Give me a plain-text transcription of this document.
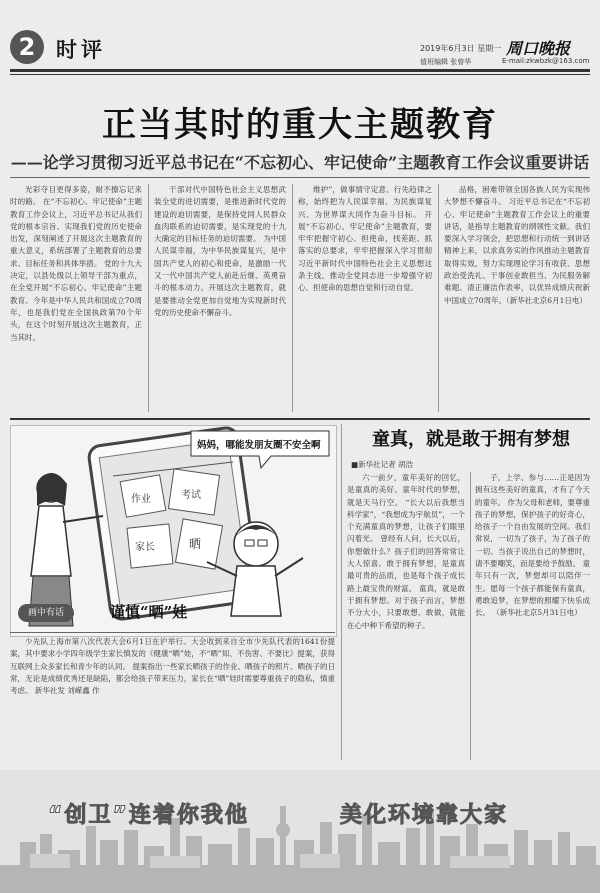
2 时评	2019年6月3日 星期一 周口晚报
值班编辑 张曾华	E-mail:zkwbzk@163.com
正当其时的重大主题教育
——论学习贯彻习近平总书记在“不忘初心、牢记使命”主题教育工作会议重要讲话

光彩夺目更得多姿，耐不擦忘记来时的路。 在“不忘初心、牢记使命”主题教育工作会议上，习近平总书记从我们党的根本宗旨、实现我们党的历史使命出发，深刻阐述了开展这次主题教育的重大意义，系统部署了主题教育的总要求、目标任务和具体举措。 党的十九大决定，以县处级以上领导干部为重点，在全党开展“不忘初心、牢记使命”主题教育。今年是中华人民共和国成立70周年，也是我们党在全国执政第70个年头，在这个时刻开展这次主题教育，正当其时。

干部对代中国特色社会主义思想武装全党的进切需要，是推进新时代党的建设的迫切需要，是保持党同人民群众血肉联系的迫切需要，是实现党的十九大确定的目标任务的迫切需要。 为中国人民谋幸福，为中华民族谋复兴，是中国共产党人的初心和使命，是激励一代又一代中国共产党人前赴后继、英勇奋斗的根本动力。开展这次主题教育，就是要推动全党更加自觉地为实现新时代党的历史使命不懈奋斗。

维护”，做事情守定意、行先趋律之称，始终把为人民谋幸福、为民族谋复兴、为世界谋大同作为奋斗目标。 开展“不忘初心、牢记使命”主题教育，要牢牢把握守初心、担使命，找差距、抓落实的总要求，牢牢把握深入学习贯彻习近平新时代中国特色社会主义思想这条主线，推动全党同志进一步增强守初心、担使命的思想自觉和行动自觉。

品格，困难带领全国各族人民为实现伟大梦想不懈奋斗。 习近平总书记在“不忘初心、牢记使命”主题教育工作会议上的重要讲话，是指导主题教育的纲领性文献。我们要深入学习领会，把思想和行动统一到讲话精神上来，以求真务实的作风推动主题教育取得实效，努力实现理论学习有收获、思想政治受洗礼、干事创业敢担当、为民服务解难题、清正廉洁作表率，以优异成绩庆祝新中国成立70周年。（新华社北京6月1日电）

作业	考试
家长	晒
妈妈，哪能发朋友圈不安全啊
画中有话	谨慎“晒”娃

少先队上海市第八次代表大会6月1日在沪举行。大会收到来自全市少先队代表的1641份提案，其中要求小学四年级学生家长慎发的《健康“晒”娃，不“晒”知、不伤害、不要比》提案，获得互联网上众多家长和青少年的认同。 提案指出一些家长晒孩子的作业、晒孩子的照片、晒孩子的日常，无论是成绩优秀还是缺陷，都会给孩子带来压力，家长在“晒”娃时需要尊重孩子的隐私，慎重考虑。 新华社发 刘嵘鑫 作

童真，就是敢于拥有梦想
■新华社记者 胡浩

六一前夕，童年美好的回忆，是童真的美好。童年时代的梦想，就是天马行空。 “长大以后我想当科学家”，“我想成为宇航员”，一个个充满童真的梦想，让孩子们眼里闪着光。 曾经有人问，长大以后，你想做什么？孩子们的回答常常让大人惊喜。敢于拥有梦想，是童真最可贵的品质，也是每个孩子成长路上最宝贵的财富。 童真，就是敢于拥有梦想。对于孩子而言，梦想不分大小，只要敢想、敢做，就能在心中种下希望的种子。

子，上学、参与……正是因为拥有这些美好的童真，才有了今天的童年。 作为父母和老师，要尊重孩子的梦想，保护孩子的好奇心，给孩子一个自由发展的空间。我们常说，一切为了孩子，为了孩子的一切。当孩子说出自己的梦想时，请不要嘲笑，而是要给予鼓励。 童年只有一次，梦想却可以陪伴一生。愿每一个孩子都能保有童真，勇敢追梦，在梦想的照耀下快乐成长。 （新华社北京5月31日电）

“创卫”连着你我他	美化环境靠大家
